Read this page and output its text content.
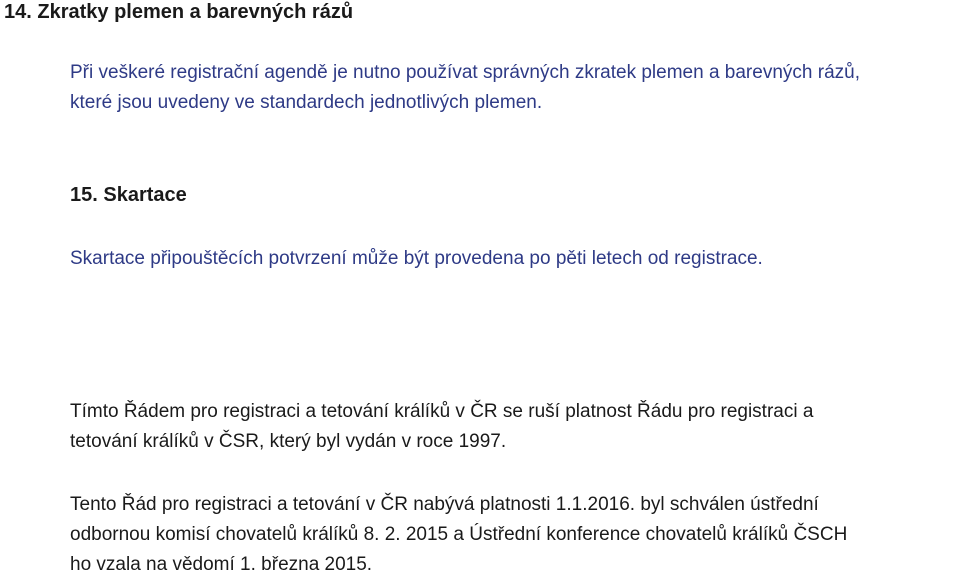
14. Zkratky plemen a barevných rázů

Při veškeré registrační agendě je nutno používat správných zkratek plemen a barevných rázů,
které jsou uvedeny ve standardech jednotlivých plemen.

15. Skartace

Skartace připouštěcích potvrzení může být provedena po pěti letech od registrace.

Tímto Řádem pro registraci a tetování králíků v ČR se ruší platnost Řádu pro registraci a
tetování králíků v ČSR, který byl vydán v roce 1997.

Tento Řád pro registraci a tetování v ČR nabývá platnosti 1.1.2016. byl schválen ústřední
odbornou komisí chovatelů králíků 8. 2. 2015 a Ústřední konference chovatelů králíků ČSCH
ho vzala na vědomí 1. března 2015.
